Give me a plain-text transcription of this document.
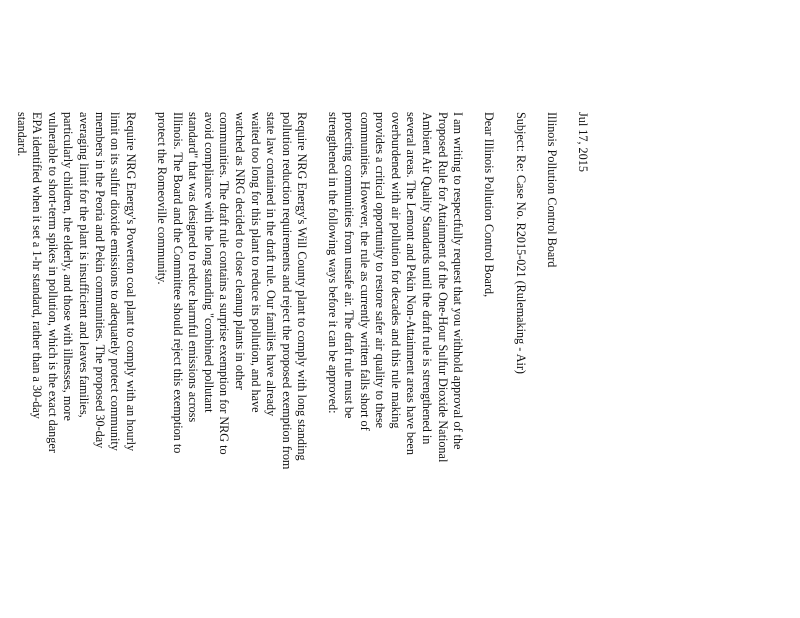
Jul 17, 2015

Illinois Pollution Control Board

Subject: Re: Case No. R2015-021 (Rulemaking - Air)

Dear Illinois Pollution Control Board,

I am writing to respectfully request that you withhold approval of the
Proposed Rule for Attainment of the One-Hour Sulfur Dioxide National
Ambient Air Quality Standards until the draft rule is strengthened in
several areas. The Lemont and Pekin Non-Attainment areas have been
overburdened with air pollution for decades and this rule making
provides a critical opportunity to restore safer air quality to these
communities. However, the rule as currently written falls short of
protecting communities from unsafe air. The draft rule must be
strengthened in the following ways before it can be approved:
Require NRG Energy's Will County plant to comply with long standing
pollution reduction requirements and reject the proposed exemption from
state law contained in the draft rule. Our families have already
waited too long for this plant to reduce its pollution, and have
watched as NRG decided to close cleanup plants in other
communities. The draft rule contains a surprise exemption for NRG to
avoid compliance with the long standing "combined pollutant
standard" that was designed to reduce harmful emissions across
Illinois. The Board and the Committee should reject this exemption to
protect the Romeoville community.
Require NRG Energy's Powerton coal plant to comply with an hourly
limit on its sulfur dioxide emissions to adequately protect community
members in the Peoria and Pekin communities. The proposed 30-day
averaging limit for the plant is insufficient and leaves families,
particularly children, the elderly, and those with illnesses, more
vulnerable to short-term spikes in pollution, which is the exact danger
EPA identified when it set a 1-hr standard, rather than a 30-day
standard.
